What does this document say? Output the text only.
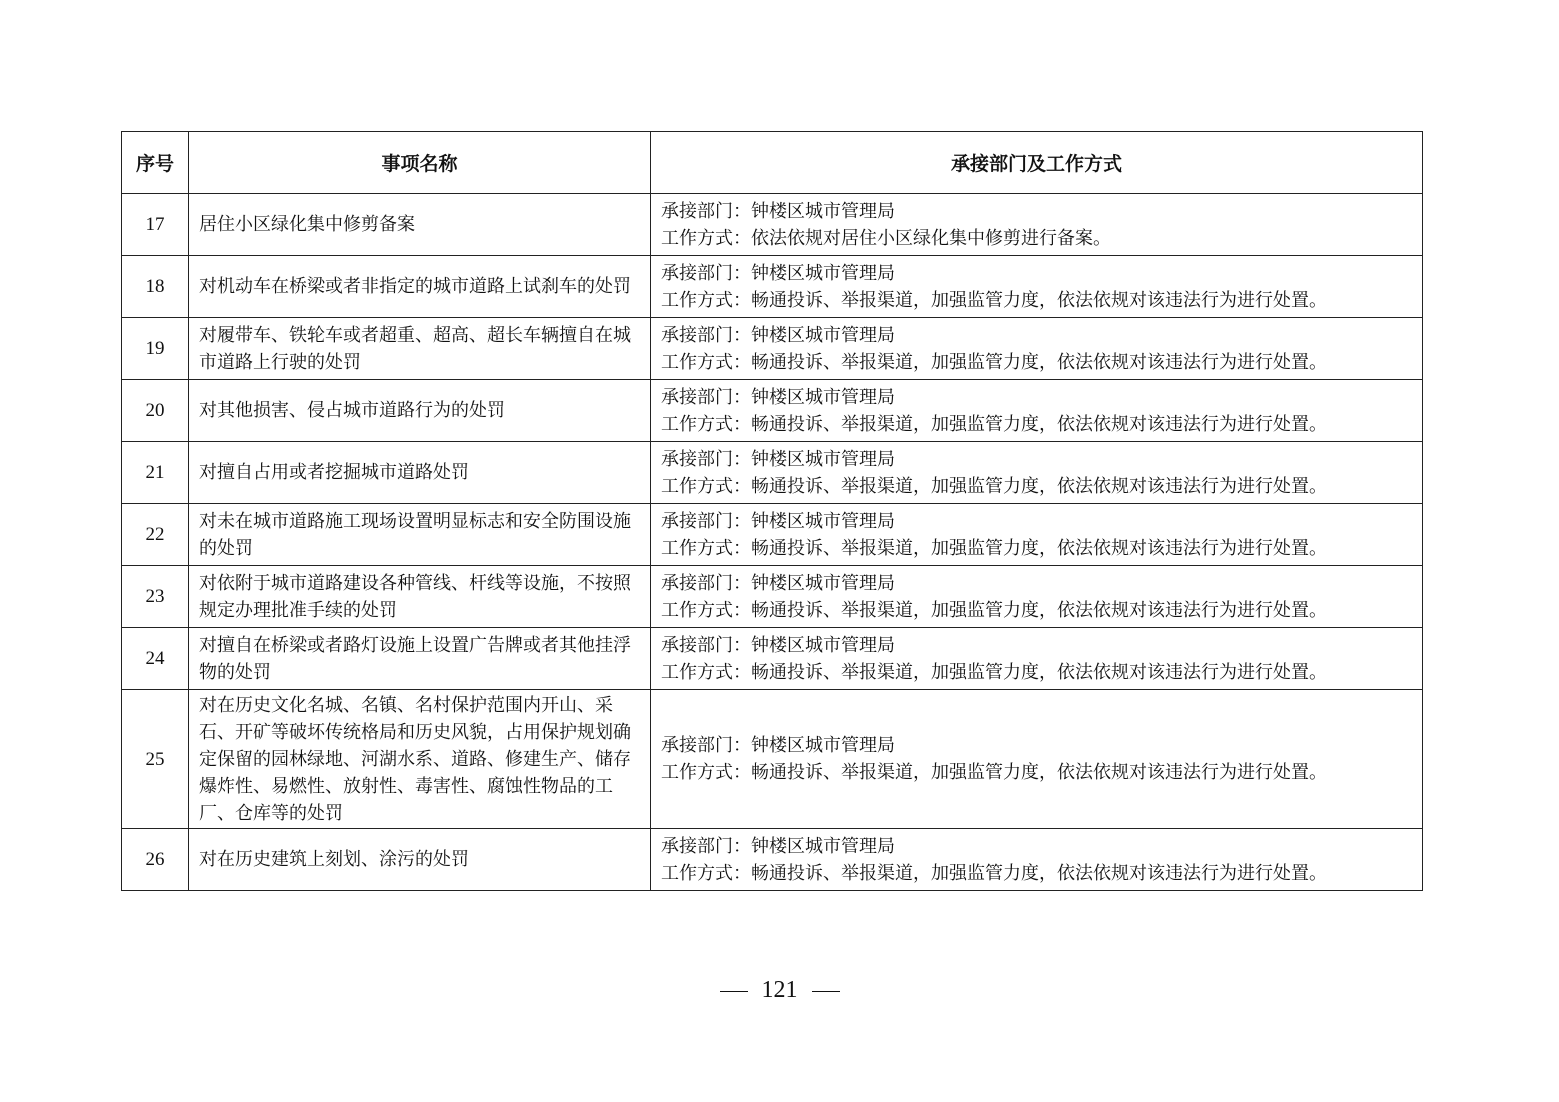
序号	事项名称	承接部门及工作方式
17	居住小区绿化集中修剪备案	承接部门：钟楼区城市管理局
工作方式：依法依规对居住小区绿化集中修剪进行备案。

18	对机动车在桥梁或者非指定的城市道路上试刹车的处罚	承接部门：钟楼区城市管理局
工作方式：畅通投诉、举报渠道，加强监管力度，依法依规对该违法行为进行处置。

19	对履带车、铁轮车或者超重、超高、超长车辆擅自在城市道路上行驶的处罚	承接部门：钟楼区城市管理局
工作方式：畅通投诉、举报渠道，加强监管力度，依法依规对该违法行为进行处置。

20	对其他损害、侵占城市道路行为的处罚	承接部门：钟楼区城市管理局
工作方式：畅通投诉、举报渠道，加强监管力度，依法依规对该违法行为进行处置。

21	对擅自占用或者挖掘城市道路处罚	承接部门：钟楼区城市管理局
工作方式：畅通投诉、举报渠道，加强监管力度，依法依规对该违法行为进行处置。

22	对未在城市道路施工现场设置明显标志和安全防围设施的处罚	承接部门：钟楼区城市管理局
工作方式：畅通投诉、举报渠道，加强监管力度，依法依规对该违法行为进行处置。

23	对依附于城市道路建设各种管线、杆线等设施，不按照规定办理批准手续的处罚	承接部门：钟楼区城市管理局
工作方式：畅通投诉、举报渠道，加强监管力度，依法依规对该违法行为进行处置。

24	对擅自在桥梁或者路灯设施上设置广告牌或者其他挂浮物的处罚	承接部门：钟楼区城市管理局
工作方式：畅通投诉、举报渠道，加强监管力度，依法依规对该违法行为进行处置。

25	对在历史文化名城、名镇、名村保护范围内开山、采石、开矿等破坏传统格局和历史风貌，占用保护规划确定保留的园林绿地、河湖水系、道路、修建生产、储存爆炸性、易燃性、放射性、毒害性、腐蚀性物品的工厂、仓库等的处罚	承接部门：钟楼区城市管理局
工作方式：畅通投诉、举报渠道，加强监管力度，依法依规对该违法行为进行处置。

26	对在历史建筑上刻划、涂污的处罚	承接部门：钟楼区城市管理局
工作方式：畅通投诉、举报渠道，加强监管力度，依法依规对该违法行为进行处置。
121
